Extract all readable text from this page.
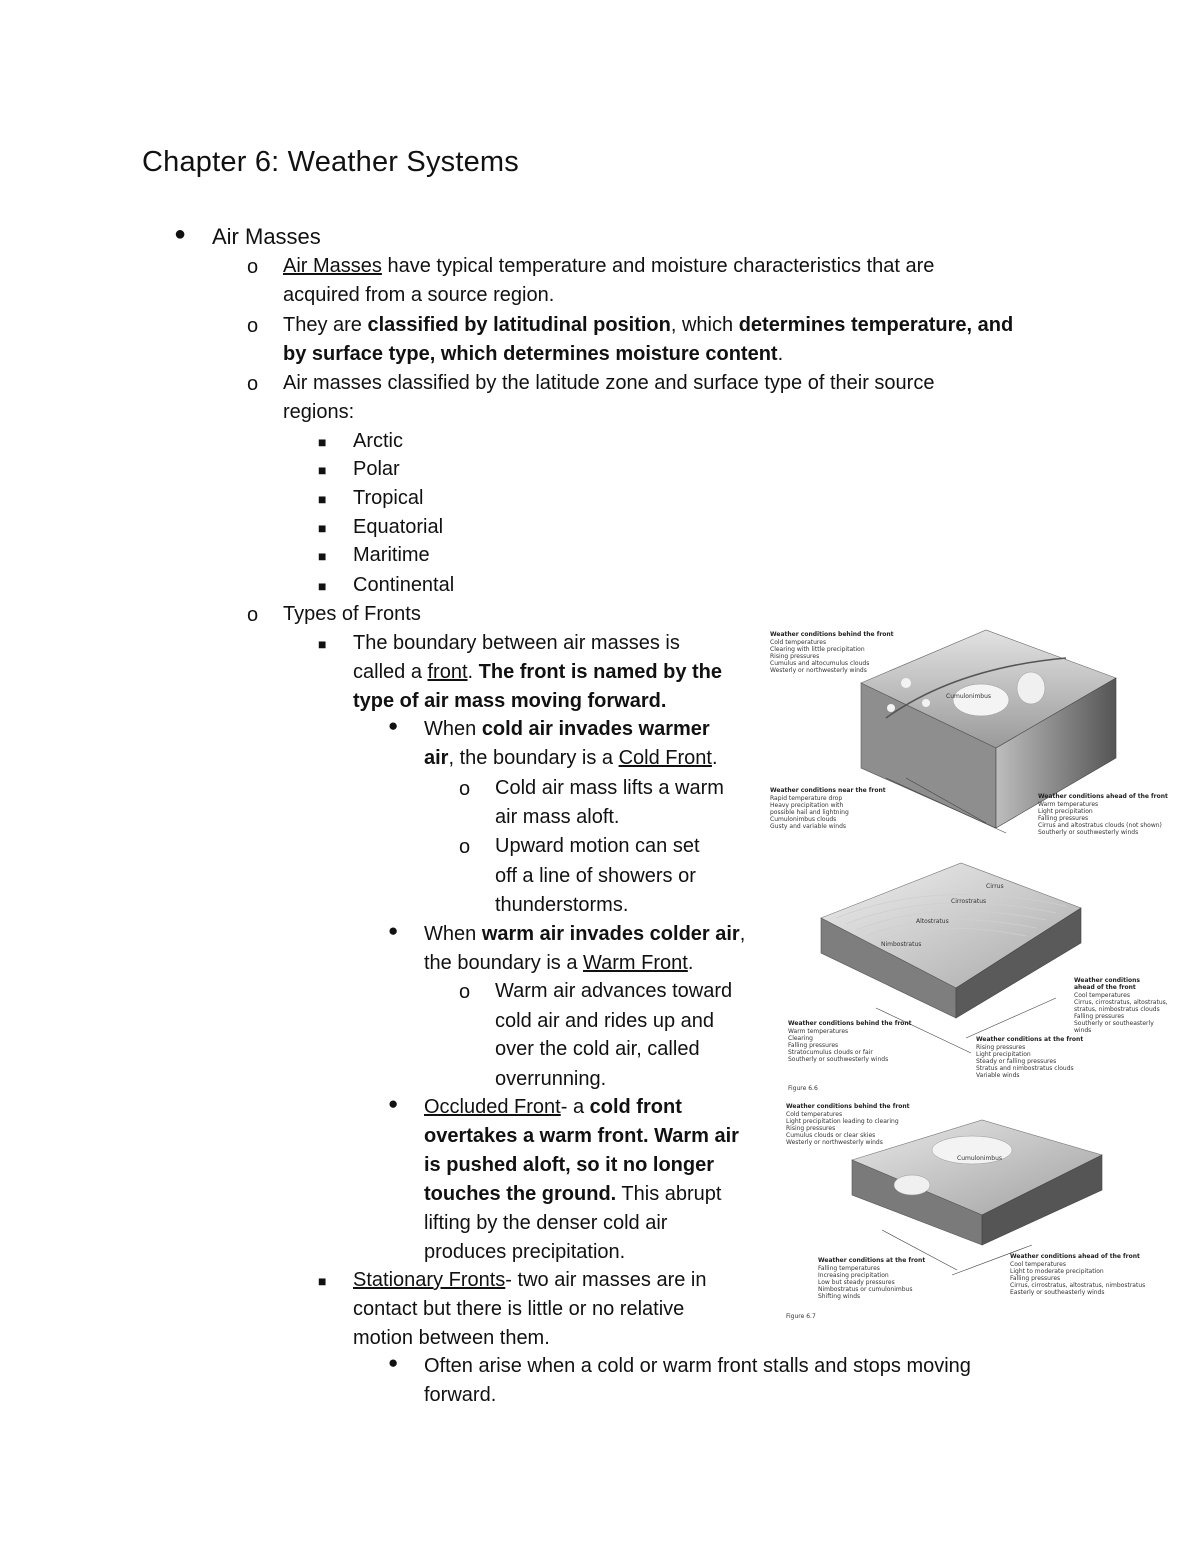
Chapter 6: Weather Systems
● Air Masses
o Air Masses have typical temperature and moisture characteristics that are
acquired from a source region.
o They are classified by latitudinal position, which determines temperature, and
by surface type, which determines moisture content.
o Air masses classified by the latitude zone and surface type of their source
regions:
■ Arctic
■ Polar
■ Tropical
■ Equatorial
■ Maritime
■ Continental
o Types of Fronts
■ The boundary between air masses is
called a front. The front is named by the
type of air mass moving forward.
● When cold air invades warmer
air, the boundary is a Cold Front.
o Cold air mass lifts a warm
air mass aloft.
o Upward motion can set
off a line of showers or
thunderstorms.
● When warm air invades colder air,
the boundary is a Warm Front.
o Warm air advances toward
cold air and rides up and
over the cold air, called
overrunning.
● Occluded Front- a cold front
overtakes a warm front. Warm air
is pushed aloft, so it no longer
touches the ground. This abrupt
lifting by the denser cold air
produces precipitation.
■ Stationary Fronts- two air masses are in
contact but there is little or no relative
motion between them.
● Often arise when a cold or warm front stalls and stops moving
forward.
Cumulonimbus
Weather conditions behind the front
Cold temperatures
Clearing with little precipitation
Rising pressures
Cumulus and altocumulus clouds
Westerly or northwesterly winds
Weather conditions near the front
Rapid temperature drop
Heavy precipitation with
possible hail and lightning
Cumulonimbus clouds
Gusty and variable winds
Weather conditions ahead of the front
Warm temperatures
Light precipitation
Falling pressures
Cirrus and altostratus clouds (not shown)
Southerly or southwesterly winds
Cirrus
Cirrostratus
Altostratus
Nimbostratus
Weather conditions
ahead of the front
Cool temperatures
Cirrus, cirrostratus, altostratus,
stratus, nimbostratus clouds
Falling pressures
Southerly or southeasterly
winds
Weather conditions behind the front
Warm temperatures
Clearing
Falling pressures
Stratocumulus clouds or fair
Southerly or southwesterly winds
Weather conditions at the front
Rising pressures
Light precipitation
Steady or falling pressures
Stratus and nimbostratus clouds
Variable winds
Figure 6.6
Cumulonimbus
Weather conditions behind the front
Cold temperatures
Light precipitation leading to clearing
Rising pressures
Cumulus clouds or clear skies
Westerly or northwesterly winds
Weather conditions at the front
Falling temperatures
Increasing precipitation
Low but steady pressures
Nimbostratus or cumulonimbus
Shifting winds
Weather conditions ahead of the front
Cool temperatures
Light to moderate precipitation
Falling pressures
Cirrus, cirrostratus, altostratus, nimbostratus
Easterly or southeasterly winds
Figure 6.7
